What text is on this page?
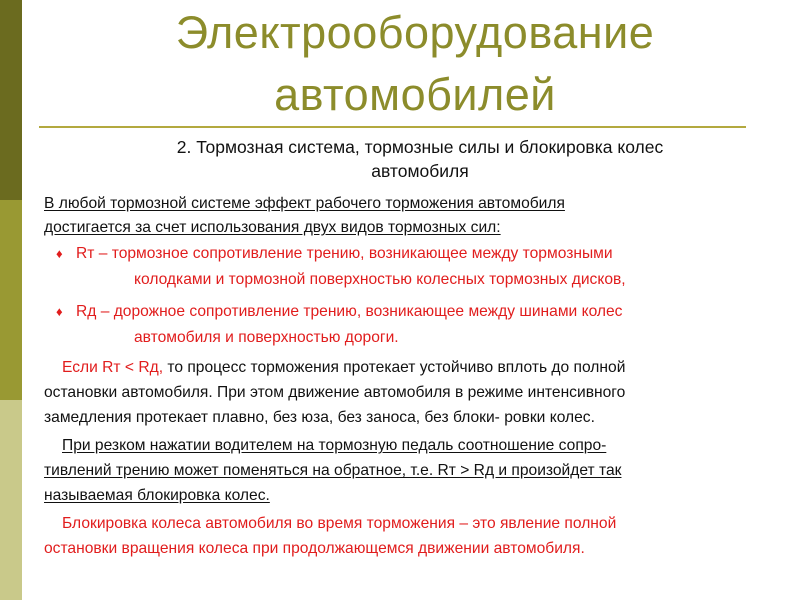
Электрооборудование
автомобилей
2. Тормозная система, тормозные силы и блокировка колес
автомобиля
В любой тормозной системе эффект рабочего торможения автомобиля
достигается за счет использования двух видов тормозных сил:
♦ Rт – тормозное сопротивление трению, возникающее между тормозными
колодками и тормозной поверхностью колесных тормозных дисков,
♦ Rд – дорожное сопротивление трению, возникающее между шинами колес
автомобиля и поверхностью дороги.
Если Rт < Rд, то процесс торможения протекает устойчиво вплоть до полной
остановки автомобиля. При этом движение автомобиля в режиме интенсивного
замедления протекает плавно, без юза, без заноса, без блоки- ровки колес.
При резком нажатии водителем на тормозную педаль соотношение сопро-
тивлений трению может поменяться на обратное, т.е. Rт > Rд и произойдет так
называемая блокировка колес.
Блокировка колеса автомобиля во время торможения – это явление полной
остановки вращения колеса при продолжающемся движении автомобиля.
